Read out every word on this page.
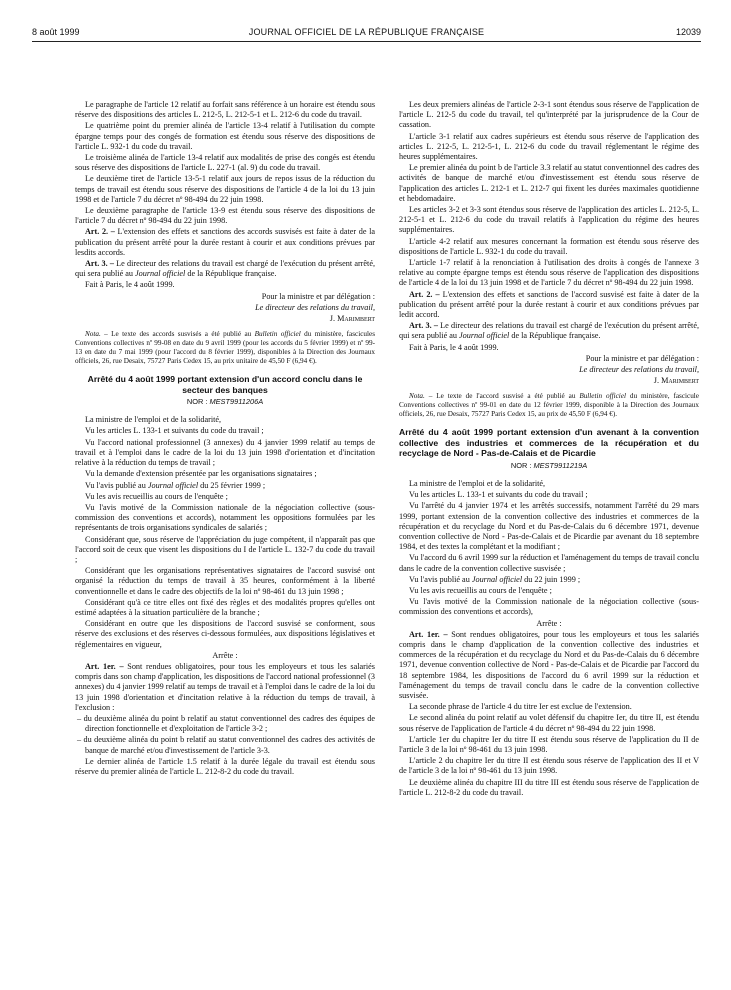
8 août 1999	JOURNAL OFFICIEL DE LA RÉPUBLIQUE FRANÇAISE	12039

Le paragraphe de l'article 12 relatif au forfait sans référence à un horaire est étendu sous réserve des dispositions des articles L. 212-5, L. 212-5-1 et L. 212-6 du code du travail.

Le quatrième point du premier alinéa de l'article 13-4 relatif à l'utilisation du compte épargne temps pour des congés de formation est étendu sous réserve des dispositions de l'article L. 932-1 du code du travail.

Le troisième alinéa de l'article 13-4 relatif aux modalités de prise des congés est étendu sous réserve des dispositions de l'article L. 227-1 (al. 9) du code du travail.

Le deuxième tiret de l'article 13-5-1 relatif aux jours de repos issus de la réduction du temps de travail est étendu sous réserve des dispositions de l'article 4 de la loi du 13 juin 1998 et de l'article 7 du décret nº 98-494 du 22 juin 1998.

Le deuxième paragraphe de l'article 13-9 est étendu sous réserve des dispositions de l'article 7 du décret nº 98-494 du 22 juin 1998.

Art. 2. – L'extension des effets et sanctions des accords susvisés est faite à dater de la publication du présent arrêté pour la durée restant à courir et aux conditions prévues par lesdits accords.

Art. 3. – Le directeur des relations du travail est chargé de l'exécution du présent arrêté, qui sera publié au Journal officiel de la République française.

Fait à Paris, le 4 août 1999.

Pour la ministre et par délégation :

Le directeur des relations du travail,

J. Marimbert

Nota. – Le texte des accords susvisés a été publié au Bulletin officiel du ministère, fascicules Conventions collectives nº 99-08 en date du 9 avril 1999 (pour les accords du 5 février 1999) et nº 99-13 en date du 7 mai 1999 (pour l'accord du 8 février 1999), disponibles à la Direction des Journaux officiels, 26, rue Desaix, 75727 Paris Cedex 15, au prix unitaire de 45,50 F (6,94 €).

Arrêté du 4 août 1999 portant extension d'un accord conclu dans le secteur des banques
NOR : MESТ9911206A

La ministre de l'emploi et de la solidarité,

Vu les articles L. 133-1 et suivants du code du travail ;

Vu l'accord national professionnel (3 annexes) du 4 janvier 1999 relatif au temps de travail et à l'emploi dans le cadre de la loi du 13 juin 1998 d'orientation et d'incitation relative à la réduction du temps de travail ;

Vu la demande d'extension présentée par les organisations signataires ;

Vu l'avis publié au Journal officiel du 25 février 1999 ;

Vu les avis recueillis au cours de l'enquête ;

Vu l'avis motivé de la Commission nationale de la négociation collective (sous-commission des conventions et accords), notamment les oppositions formulées par les représentants de trois organisations syndicales de salariés ;

Considérant que, sous réserve de l'appréciation du juge compétent, il n'apparaît pas que l'accord soit de ceux que visent les dispositions du I de l'article L. 132-7 du code du travail ;

Considérant que les organisations représentatives signataires de l'accord susvisé ont organisé la réduction du temps de travail à 35 heures, conformément à la liberté conventionnelle et dans le cadre des objectifs de la loi nº 98-461 du 13 juin 1998 ;

Considérant qu'à ce titre elles ont fixé des règles et des modalités propres qu'elles ont estimé adaptées à la situation particulière de la branche ;

Considérant en outre que les dispositions de l'accord susvisé se conforment, sous réserve des exclusions et des réserves ci-dessous formulées, aux dispositions législatives et réglementaires en vigueur,

Arrête :

Art. 1er. – Sont rendues obligatoires, pour tous les employeurs et tous les salariés compris dans son champ d'application, les dispositions de l'accord national professionnel (3 annexes) du 4 janvier 1999 relatif au temps de travail et à l'emploi dans le cadre de la loi du 13 juin 1998 d'orientation et d'incitation relative à la réduction du temps de travail, à l'exclusion :

– du deuxième alinéa du point b relatif au statut conventionnel des cadres des équipes de direction fonctionnelle et d'exploitation de l'article 3-2 ;

– du deuxième alinéa du point b relatif au statut conventionnel des cadres des activités de banque de marché et/ou d'investissement de l'article 3-3.

Le dernier alinéa de l'article 1.5 relatif à la durée légale du travail est étendu sous réserve du premier alinéa de l'article L. 212-8-2 du code du travail.

Les deux premiers alinéas de l'article 2-3-1 sont étendus sous réserve de l'application de l'article L. 212-5 du code du travail, tel qu'interprété par la jurisprudence de la Cour de cassation.

L'article 3-1 relatif aux cadres supérieurs est étendu sous réserve de l'application des articles L. 212-5, L. 212-5-1, L. 212-6 du code du travail réglementant le régime des heures supplémentaires.

Le premier alinéa du point b de l'article 3.3 relatif au statut conventionnel des cadres des activités de banque de marché et/ou d'investissement est étendu sous réserve de l'application des articles L. 212-1 et L. 212-7 qui fixent les durées maximales quotidienne et hebdomadaire.

Les articles 3-2 et 3-3 sont étendus sous réserve de l'application des articles L. 212-5, L. 212-5-1 et L. 212-6 du code du travail relatifs à l'application du régime des heures supplémentaires.

L'article 4-2 relatif aux mesures concernant la formation est étendu sous réserve des dispositions de l'article L. 932-1 du code du travail.

L'article 1-7 relatif à la renonciation à l'utilisation des droits à congés de l'annexe 3 relative au compte épargne temps est étendu sous réserve de l'application des dispositions de l'article 4 de la loi du 13 juin 1998 et de l'article 7 du décret nº 98-494 du 22 juin 1998.

Art. 2. – L'extension des effets et sanctions de l'accord susvisé est faite à dater de la publication du présent arrêté pour la durée restant à courir et aux conditions prévues par ledit accord.

Art. 3. – Le directeur des relations du travail est chargé de l'exécution du présent arrêté, qui sera publié au Journal officiel de la République française.

Fait à Paris, le 4 août 1999.

Pour la ministre et par délégation :

Le directeur des relations du travail,

J. Marimbert

Nota. – Le texte de l'accord susvisé a été publié au Bulletin officiel du ministère, fascicule Conventions collectives nº 99-01 en date du 12 février 1999, disponible à la Direction des Journaux officiels, 26, rue Desaix, 75727 Paris Cedex 15, au prix de 45,50 F (6,94 €).

Arrêté du 4 août 1999 portant extension d'un avenant à la convention collective des industries et commerces de la récupération et du recyclage de Nord - Pas-de-Calais et de Picardie
NOR : MEST9911219A

La ministre de l'emploi et de la solidarité,

Vu les articles L. 133-1 et suivants du code du travail ;

Vu l'arrêté du 4 janvier 1974 et les arrêtés successifs, notamment l'arrêté du 29 mars 1999, portant extension de la convention collective des industries et commerces de la récupération et du recyclage du Nord et du Pas-de-Calais du 6 décembre 1971, devenue convention collective de Nord - Pas-de-Calais et de Picardie par avenant du 18 septembre 1984, et des textes la complétant et la modifiant ;

Vu l'accord du 6 avril 1999 sur la réduction et l'aménagement du temps de travail conclu dans le cadre de la convention collective susvisée ;

Vu l'avis publié au Journal officiel du 22 juin 1999 ;

Vu les avis recueillis au cours de l'enquête ;

Vu l'avis motivé de la Commission nationale de la négociation collective (sous-commission des conventions et accords),

Arrête :

Art. 1er. – Sont rendues obligatoires, pour tous les employeurs et tous les salariés compris dans le champ d'application de la convention collective des industries et commerces de la récupération et du recyclage du Nord et du Pas-de-Calais du 6 décembre 1971, devenue convention collective de Nord - Pas-de-Calais et de Picardie par l'accord du 18 septembre 1984, les dispositions de l'accord du 6 avril 1999 sur la réduction et l'aménagement du temps de travail conclu dans le cadre de la convention collective susvisée.

La seconde phrase de l'article 4 du titre Ier est exclue de l'extension.

Le second alinéa du point relatif au volet défensif du chapitre Ier, du titre II, est étendu sous réserve de l'application de l'article 4 du décret nº 98-494 du 22 juin 1998.

L'article 1er du chapitre Ier du titre II est étendu sous réserve de l'application du II de l'article 3 de la loi nº 98-461 du 13 juin 1998.

L'article 2 du chapitre Ier du titre II est étendu sous réserve de l'application des II et V de l'article 3 de la loi nº 98-461 du 13 juin 1998.

Le deuxième alinéa du chapitre III du titre III est étendu sous réserve de l'application de l'article L. 212-8-2 du code du travail.
